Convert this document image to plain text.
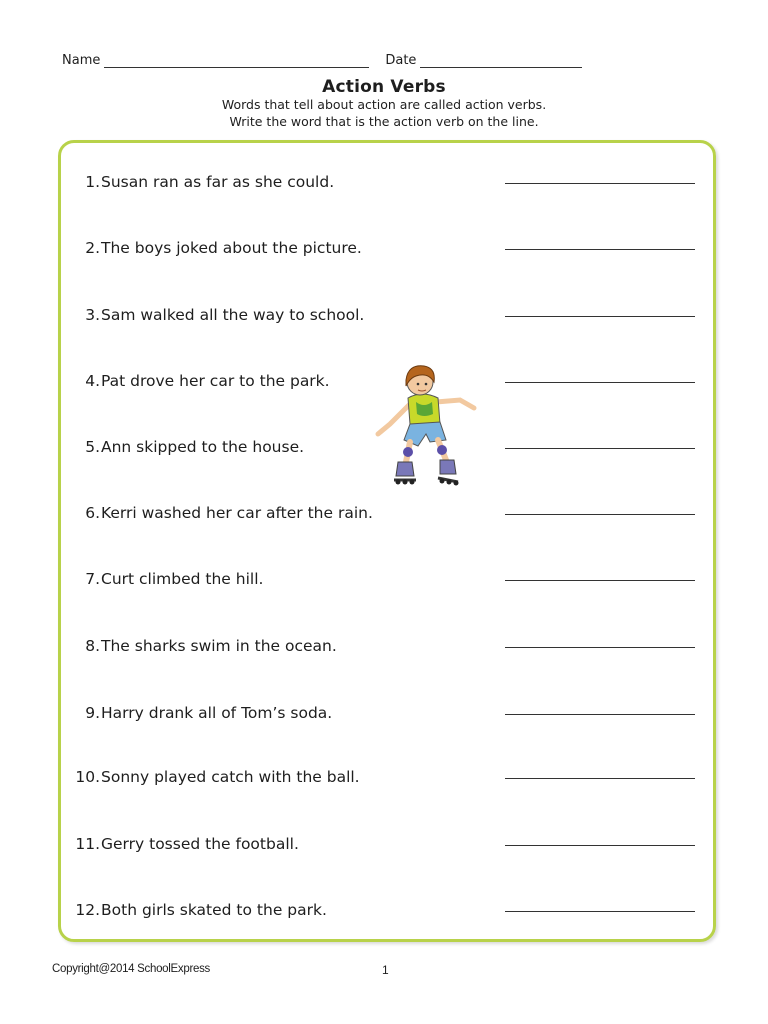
Name	Date
Action Verbs
Words that tell about action are called action verbs.
Write the word that is the action verb on the line.
1. Susan ran as far as she could.
2. The boys joked about the picture.
3. Sam walked all the way to school.
4. Pat drove her car to the park.
5. Ann skipped to the house.
6. Kerri washed her car after the rain.
7. Curt climbed the hill.
8. The sharks swim in the ocean.
9. Harry drank all of Tom’s soda.
10. Sonny played catch with the ball.
11. Gerry tossed the football.
12. Both girls skated to the park.
Copyright@2014 SchoolExpress	1
